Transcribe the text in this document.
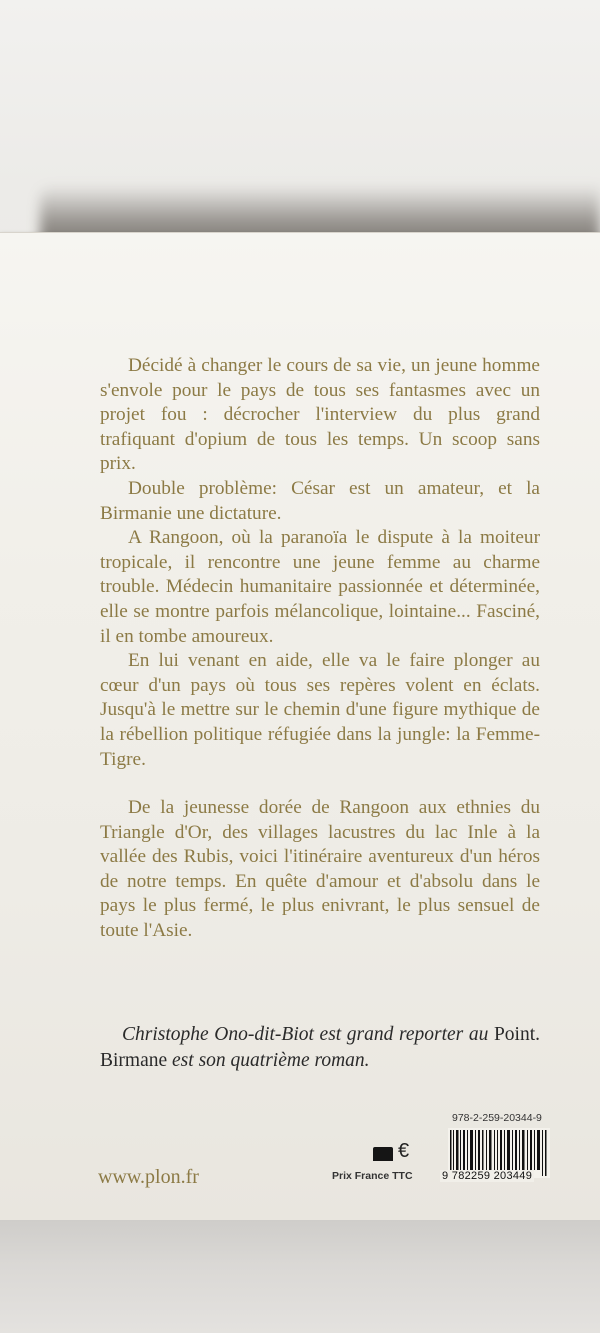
Décidé à changer le cours de sa vie, un jeune homme s'envole pour le pays de tous ses fantasmes avec un projet fou : décrocher l'interview du plus grand trafiquant d'opium de tous les temps. Un scoop sans prix.

Double problème: César est un amateur, et la Birmanie une dictature.

A Rangoon, où la paranoïa le dispute à la moiteur tropicale, il rencontre une jeune femme au charme trouble. Médecin humanitaire passionnée et déterminée, elle se montre parfois mélancolique, lointaine... Fasciné, il en tombe amoureux.

En lui venant en aide, elle va le faire plonger au cœur d'un pays où tous ses repères volent en éclats. Jusqu'à le mettre sur le chemin d'une figure mythique de la rébellion politique réfugiée dans la jungle: la Femme-Tigre.

De la jeunesse dorée de Rangoon aux ethnies du Triangle d'Or, des villages lacustres du lac Inle à la vallée des Rubis, voici l'itinéraire aventureux d'un héros de notre temps. En quête d'amour et d'absolu dans le pays le plus fermé, le plus enivrant, le plus sensuel de toute l'Asie.

Christophe Ono-dit-Biot est grand reporter au Point. Birmane est son quatrième roman.

www.plon.fr
978-2-259-20344-9
9 782259 203449
€
Prix France TTC
